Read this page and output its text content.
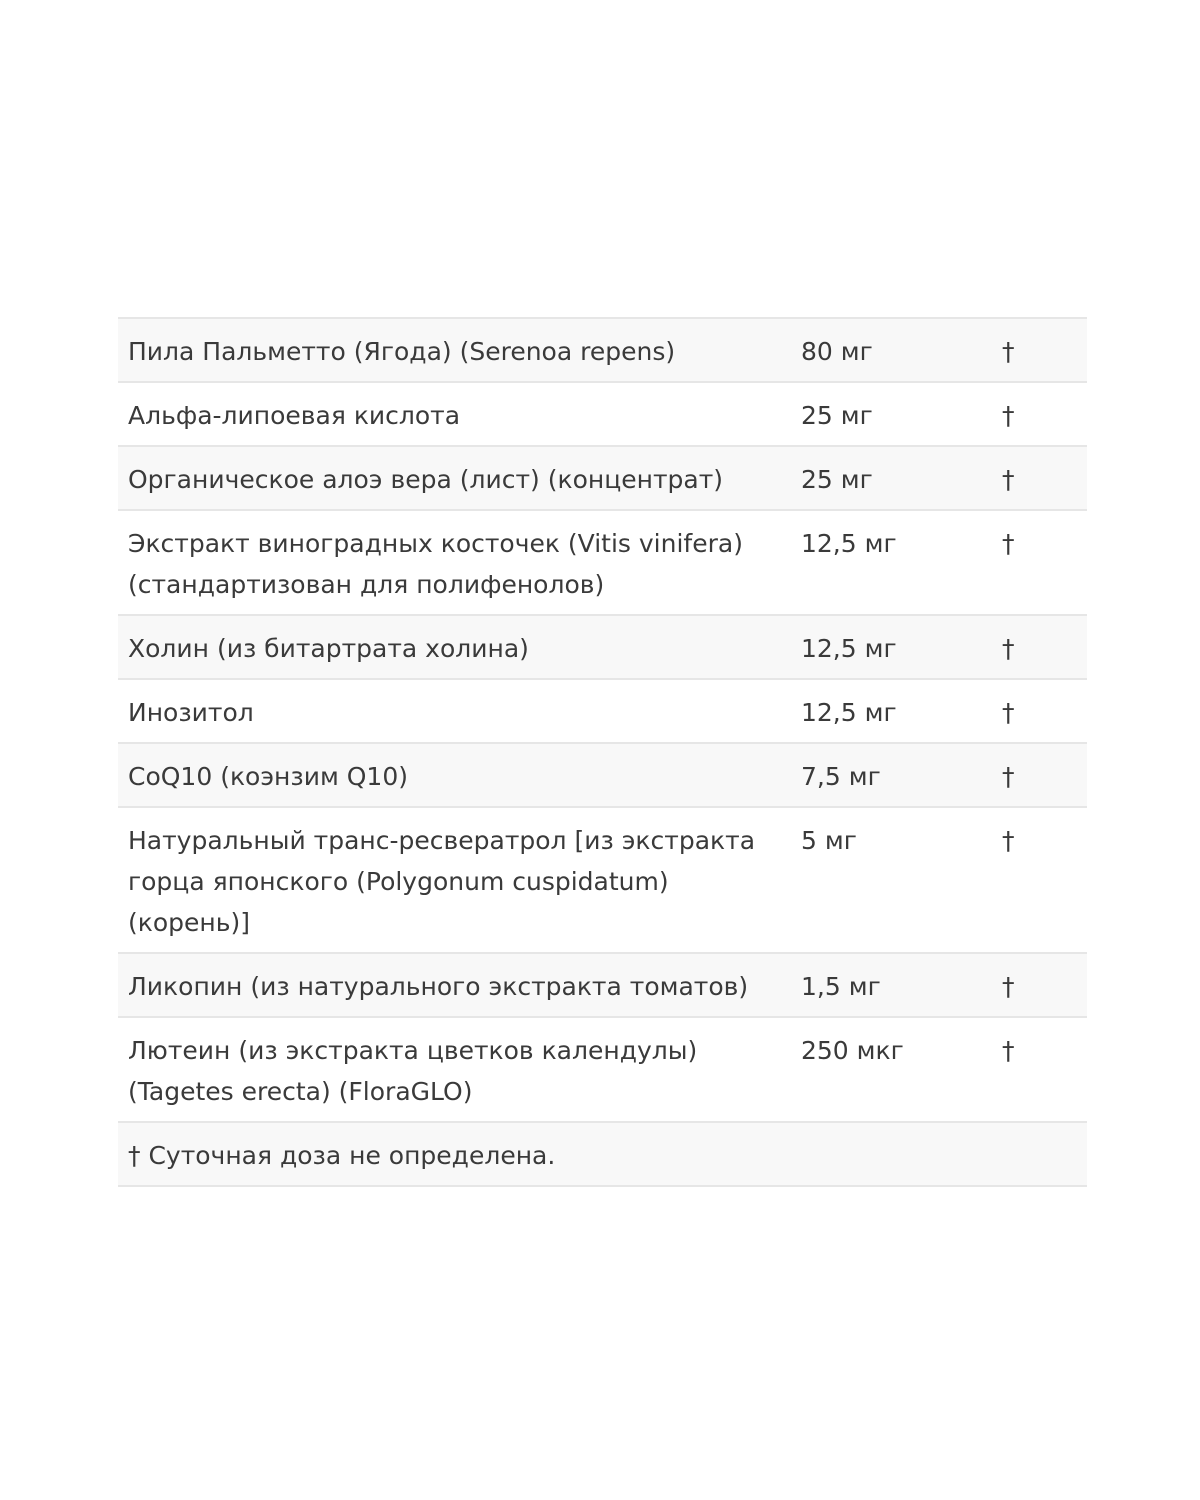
Пила Пальметто (Ягода) (Serenoa repens)	80 мг	†
Альфа-липоевая кислота	25 мг	†
Органическое алоэ вера (лист) (концентрат)	25 мг	†
Экстракт виноградных косточек (Vitis vinifera) (стандартизован для полифенолов)	12,5 мг	†
Холин (из битартрата холина)	12,5 мг	†
Инозитол	12,5 мг	†
CoQ10 (коэнзим Q10)	7,5 мг	†
Натуральный транс-ресвератрол [из экстракта горца японского (Polygonum cuspidatum) (корень)]	5 мг	†
Ликопин (из натурального экстракта томатов)	1,5 мг	†
Лютеин (из экстракта цветков календулы) (Tagetes erecta) (FloraGLO)	250 мкг	†
† Суточная доза не определена.		
